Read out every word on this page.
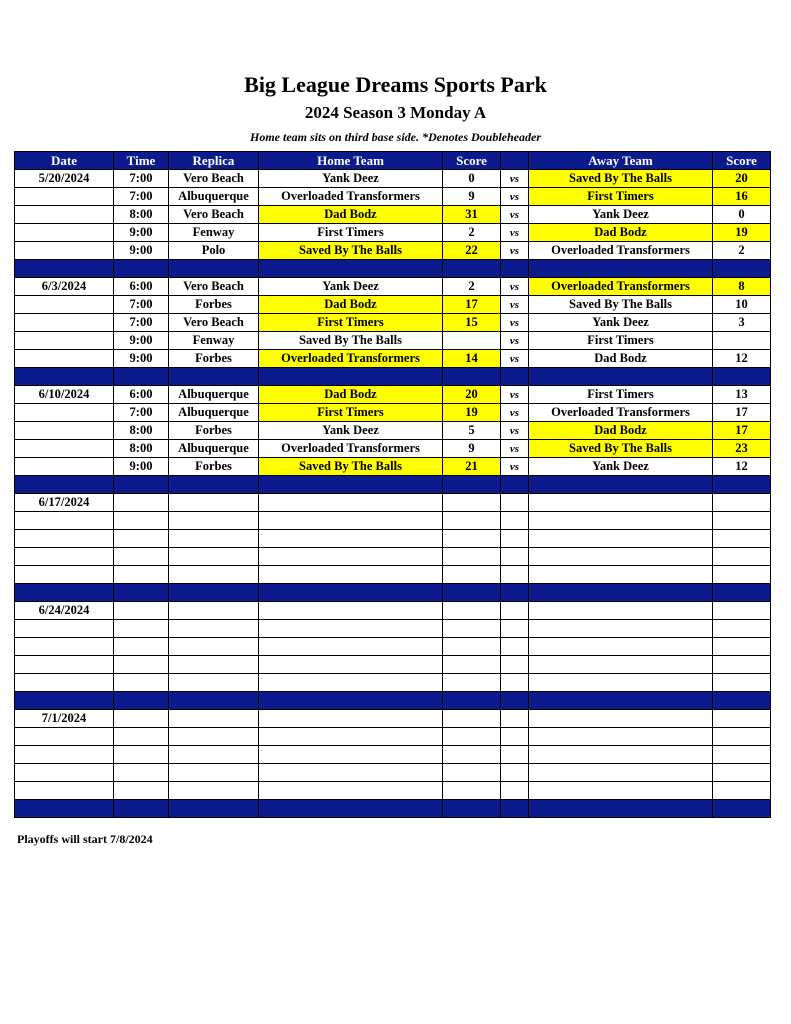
Big League Dreams Sports Park
2024 Season 3 Monday A
Home team sits on third base side. *Denotes Doubleheader
Date	Time	Replica	Home Team	Score		Away Team	Score
5/20/2024	7:00	Vero Beach	Yank Deez	0	vs	Saved By The Balls	20
	7:00	Albuquerque	Overloaded Transformers	9	vs	First Timers	16
	8:00	Vero Beach	Dad Bodz	31	vs	Yank Deez	0
	9:00	Fenway	First Timers	2	vs	Dad Bodz	19
	9:00	Polo	Saved By The Balls	22	vs	Overloaded Transformers	2

6/3/2024	6:00	Vero Beach	Yank Deez	2	vs	Overloaded Transformers	8
	7:00	Forbes	Dad Bodz	17	vs	Saved By The Balls	10
	7:00	Vero Beach	First Timers	15	vs	Yank Deez	3
	9:00	Fenway	Saved By The Balls		vs	First Timers	
	9:00	Forbes	Overloaded Transformers	14	vs	Dad Bodz	12

6/10/2024	6:00	Albuquerque	Dad Bodz	20	vs	First Timers	13
	7:00	Albuquerque	First Timers	19	vs	Overloaded Transformers	17
	8:00	Forbes	Yank Deez	5	vs	Dad Bodz	17
	8:00	Albuquerque	Overloaded Transformers	9	vs	Saved By The Balls	23
	9:00	Forbes	Saved By The Balls	21	vs	Yank Deez	12

6/17/2024							

6/24/2024							

7/1/2024							

Playoffs will start 7/8/2024
